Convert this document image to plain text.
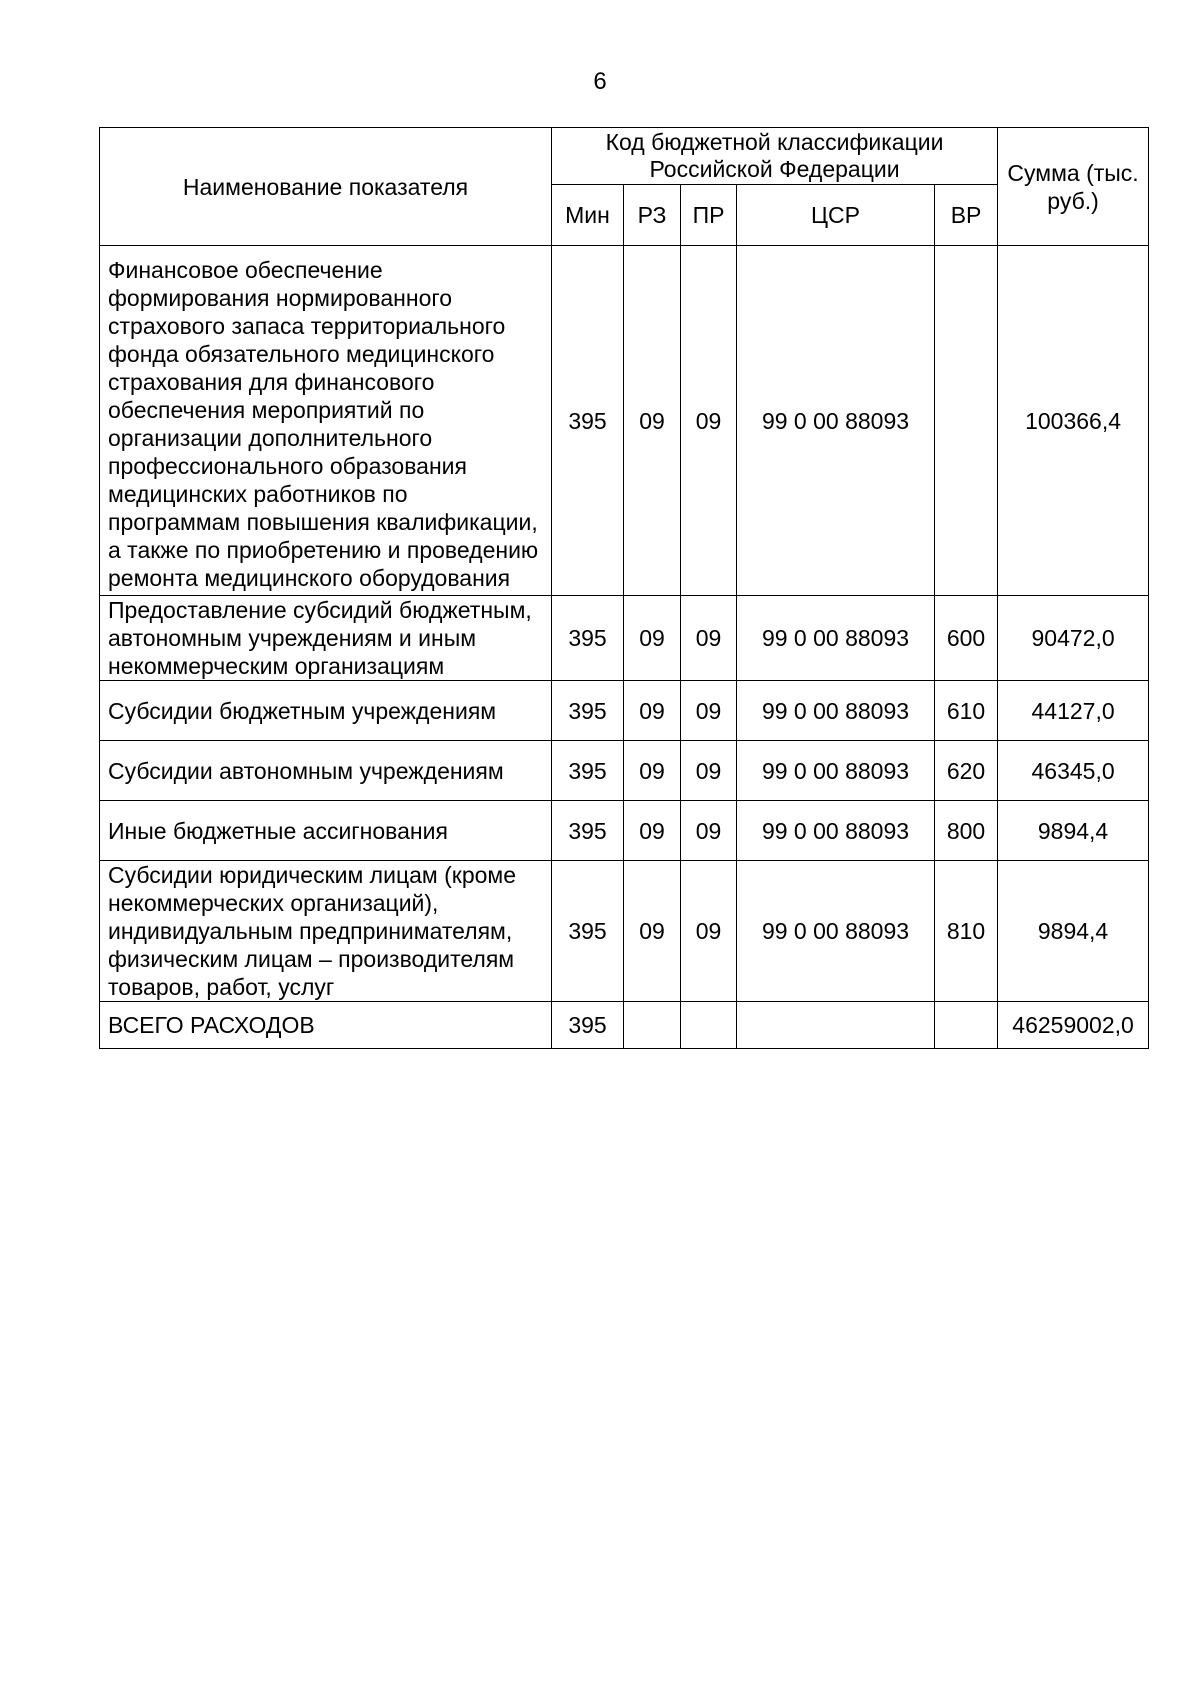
6
Наименование показателя	Код бюджетной классификации Российской Федерации					Сумма (тыс. руб.)
	Мин	РЗ	ПР	ЦСР	ВР	
Финансовое обеспечение формирования нормированного страхового запаса территориального фонда обязательного медицинского страхования для финансового обеспечения мероприятий по организации дополнительного профессионального образования медицинских работников по программам повышения квалификации, а также по приобретению и проведению ремонта медицинского оборудования	395	09	09	99 0 00 88093		100366,4
Предоставление субсидий бюджетным, автономным учреждениям и иным некоммерческим организациям	395	09	09	99 0 00 88093	600	90472,0
Субсидии бюджетным учреждениям	395	09	09	99 0 00 88093	610	44127,0
Субсидии автономным учреждениям	395	09	09	99 0 00 88093	620	46345,0
Иные бюджетные ассигнования	395	09	09	99 0 00 88093	800	9894,4
Субсидии юридическим лицам (кроме некоммерческих организаций), индивидуальным предпринимателям, физическим лицам – производителям товаров, работ, услуг	395	09	09	99 0 00 88093	810	9894,4
ВСЕГО РАСХОДОВ	395					46259002,0
